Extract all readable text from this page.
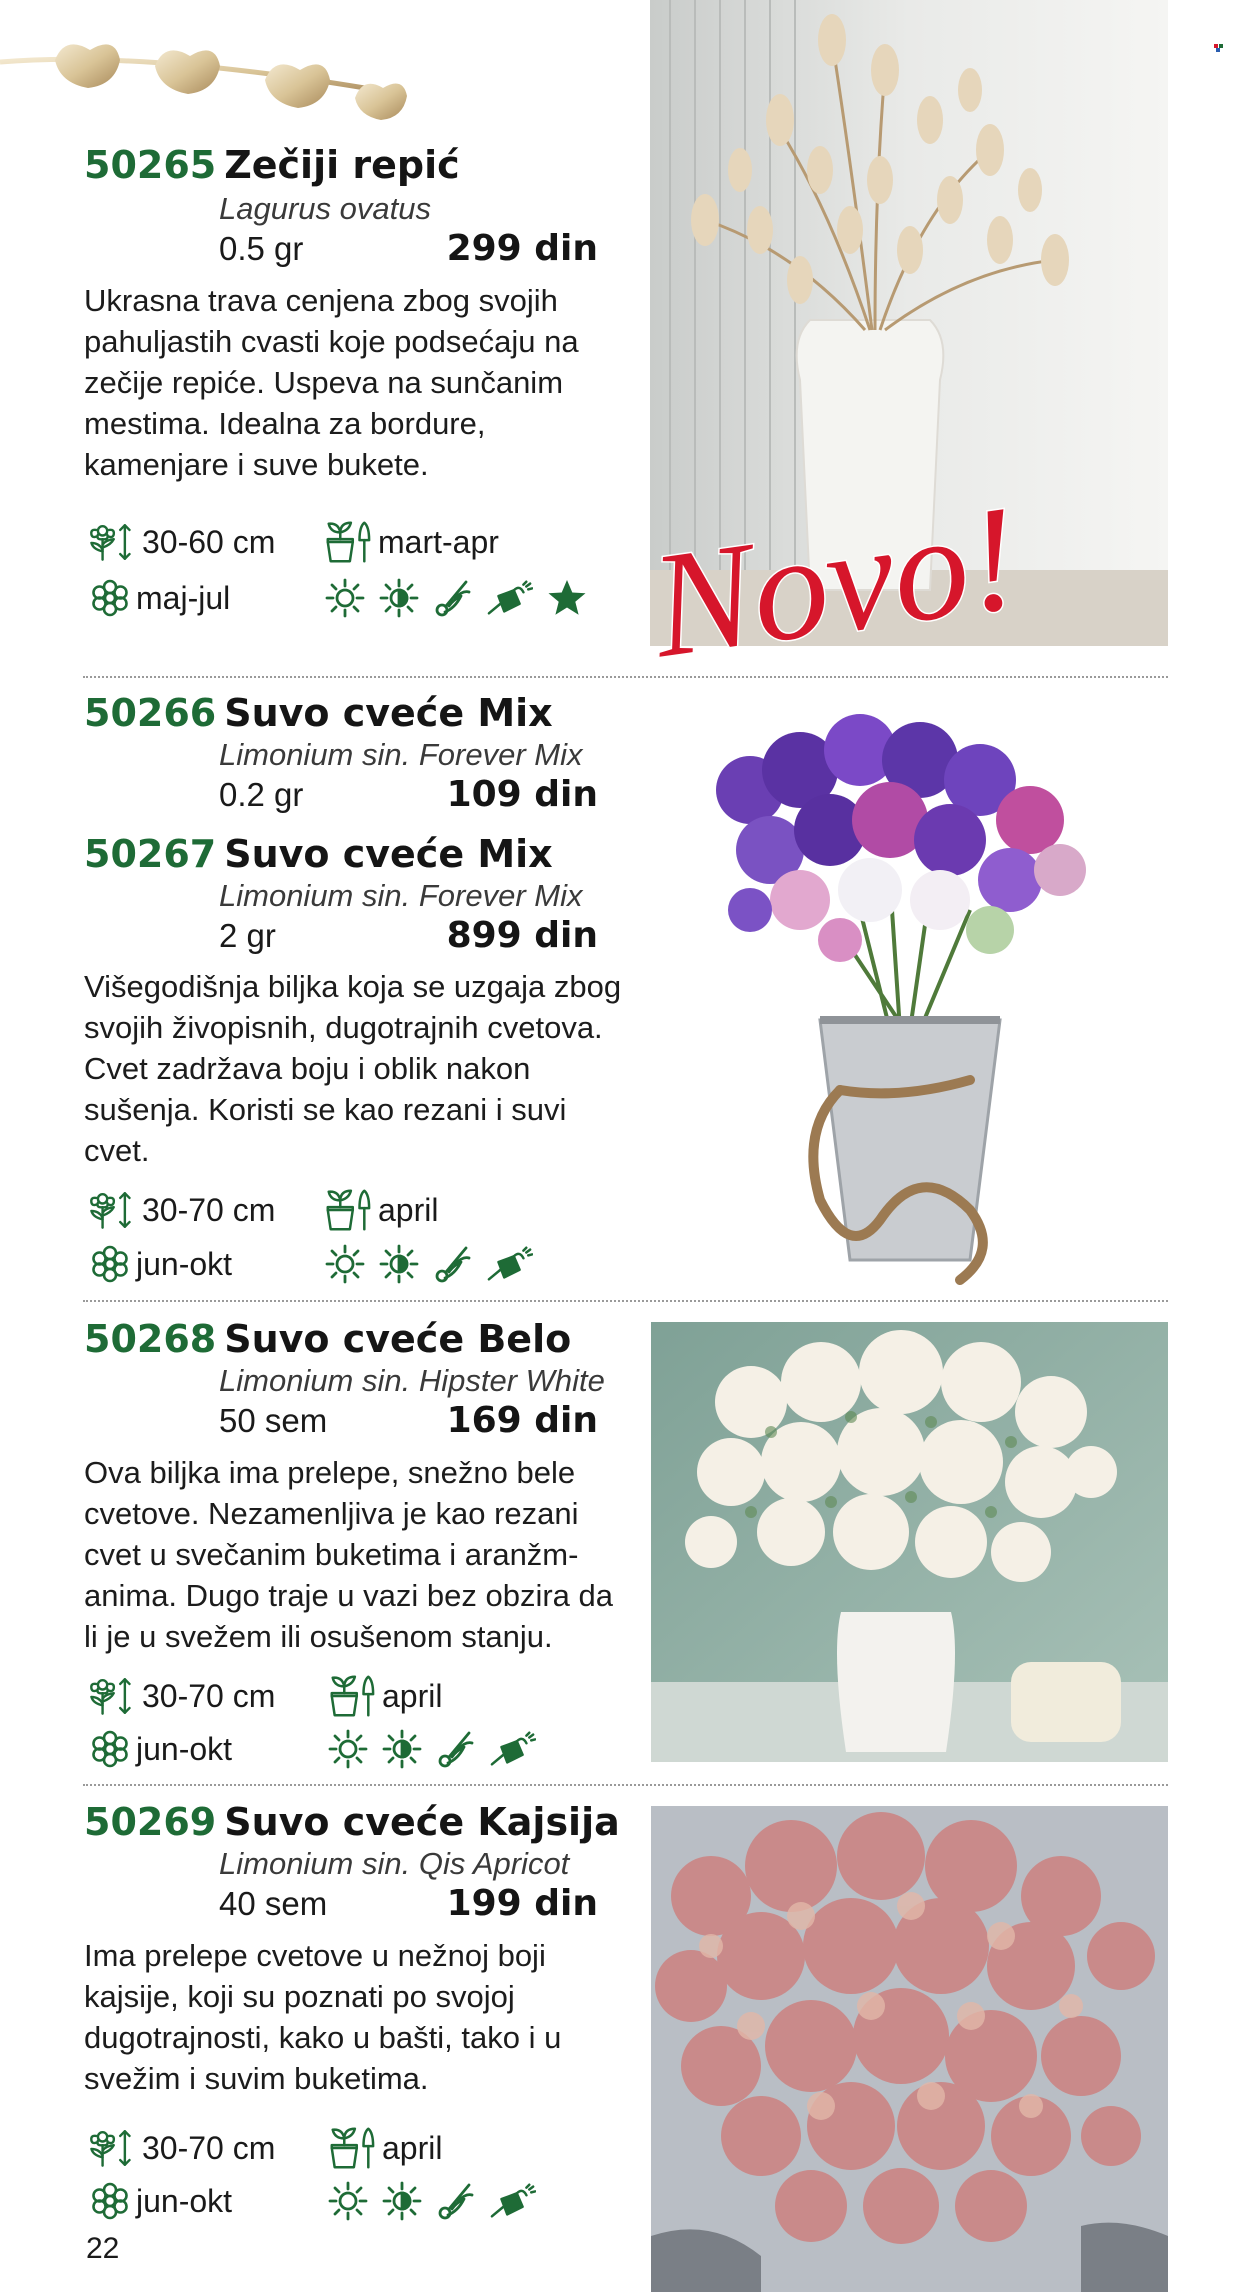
50265 Zečiji repić
Lagurus ovatus
0.5 gr	299 din
Ukrasna trava cenjena zbog svojih pahuljastih cvasti koje podsećaju na zečije repiće. Uspeva na sunčanim mestima. Idealna za bordure, kamenjare i suve bukete.
30-60 cm	mart-apr
maj-jul	Novo!
50266 Suvo cveće Mix
Limonium sin. Forever Mix
0.2 gr	109 din
50267 Suvo cveće Mix
Limonium sin. Forever Mix
2 gr	899 din
Višegodišnja biljka koja se uzgaja zbog svojih živopisnih, dugotrajnih cvetova. Cvet zadržava boju i oblik nakon sušenja. Koristi se kao rezani i suvi cvet.
30-70 cm	april
jun-okt
50268 Suvo cveće Belo
Limonium sin. Hipster White
50 sem	169 din
Ova biljka ima prelepe, snežno bele cvetove. Nezamenljiva je kao rezani cvet u svečanim buketima i aranžm- anima. Dugo traje u vazi bez obzira da li je u svežem ili osušenom stanju.
30-70 cm	april
jun-okt
50269 Suvo cveće Kajsija
Limonium sin. Qis Apricot
40 sem	199 din
Ima prelepe cvetove u nežnoj boji kajsije, koji su poznati po svojoj dugotrajnosti, kako u bašti, tako i u svežim i suvim buketima.
30-70 cm	april
jun-okt
22
